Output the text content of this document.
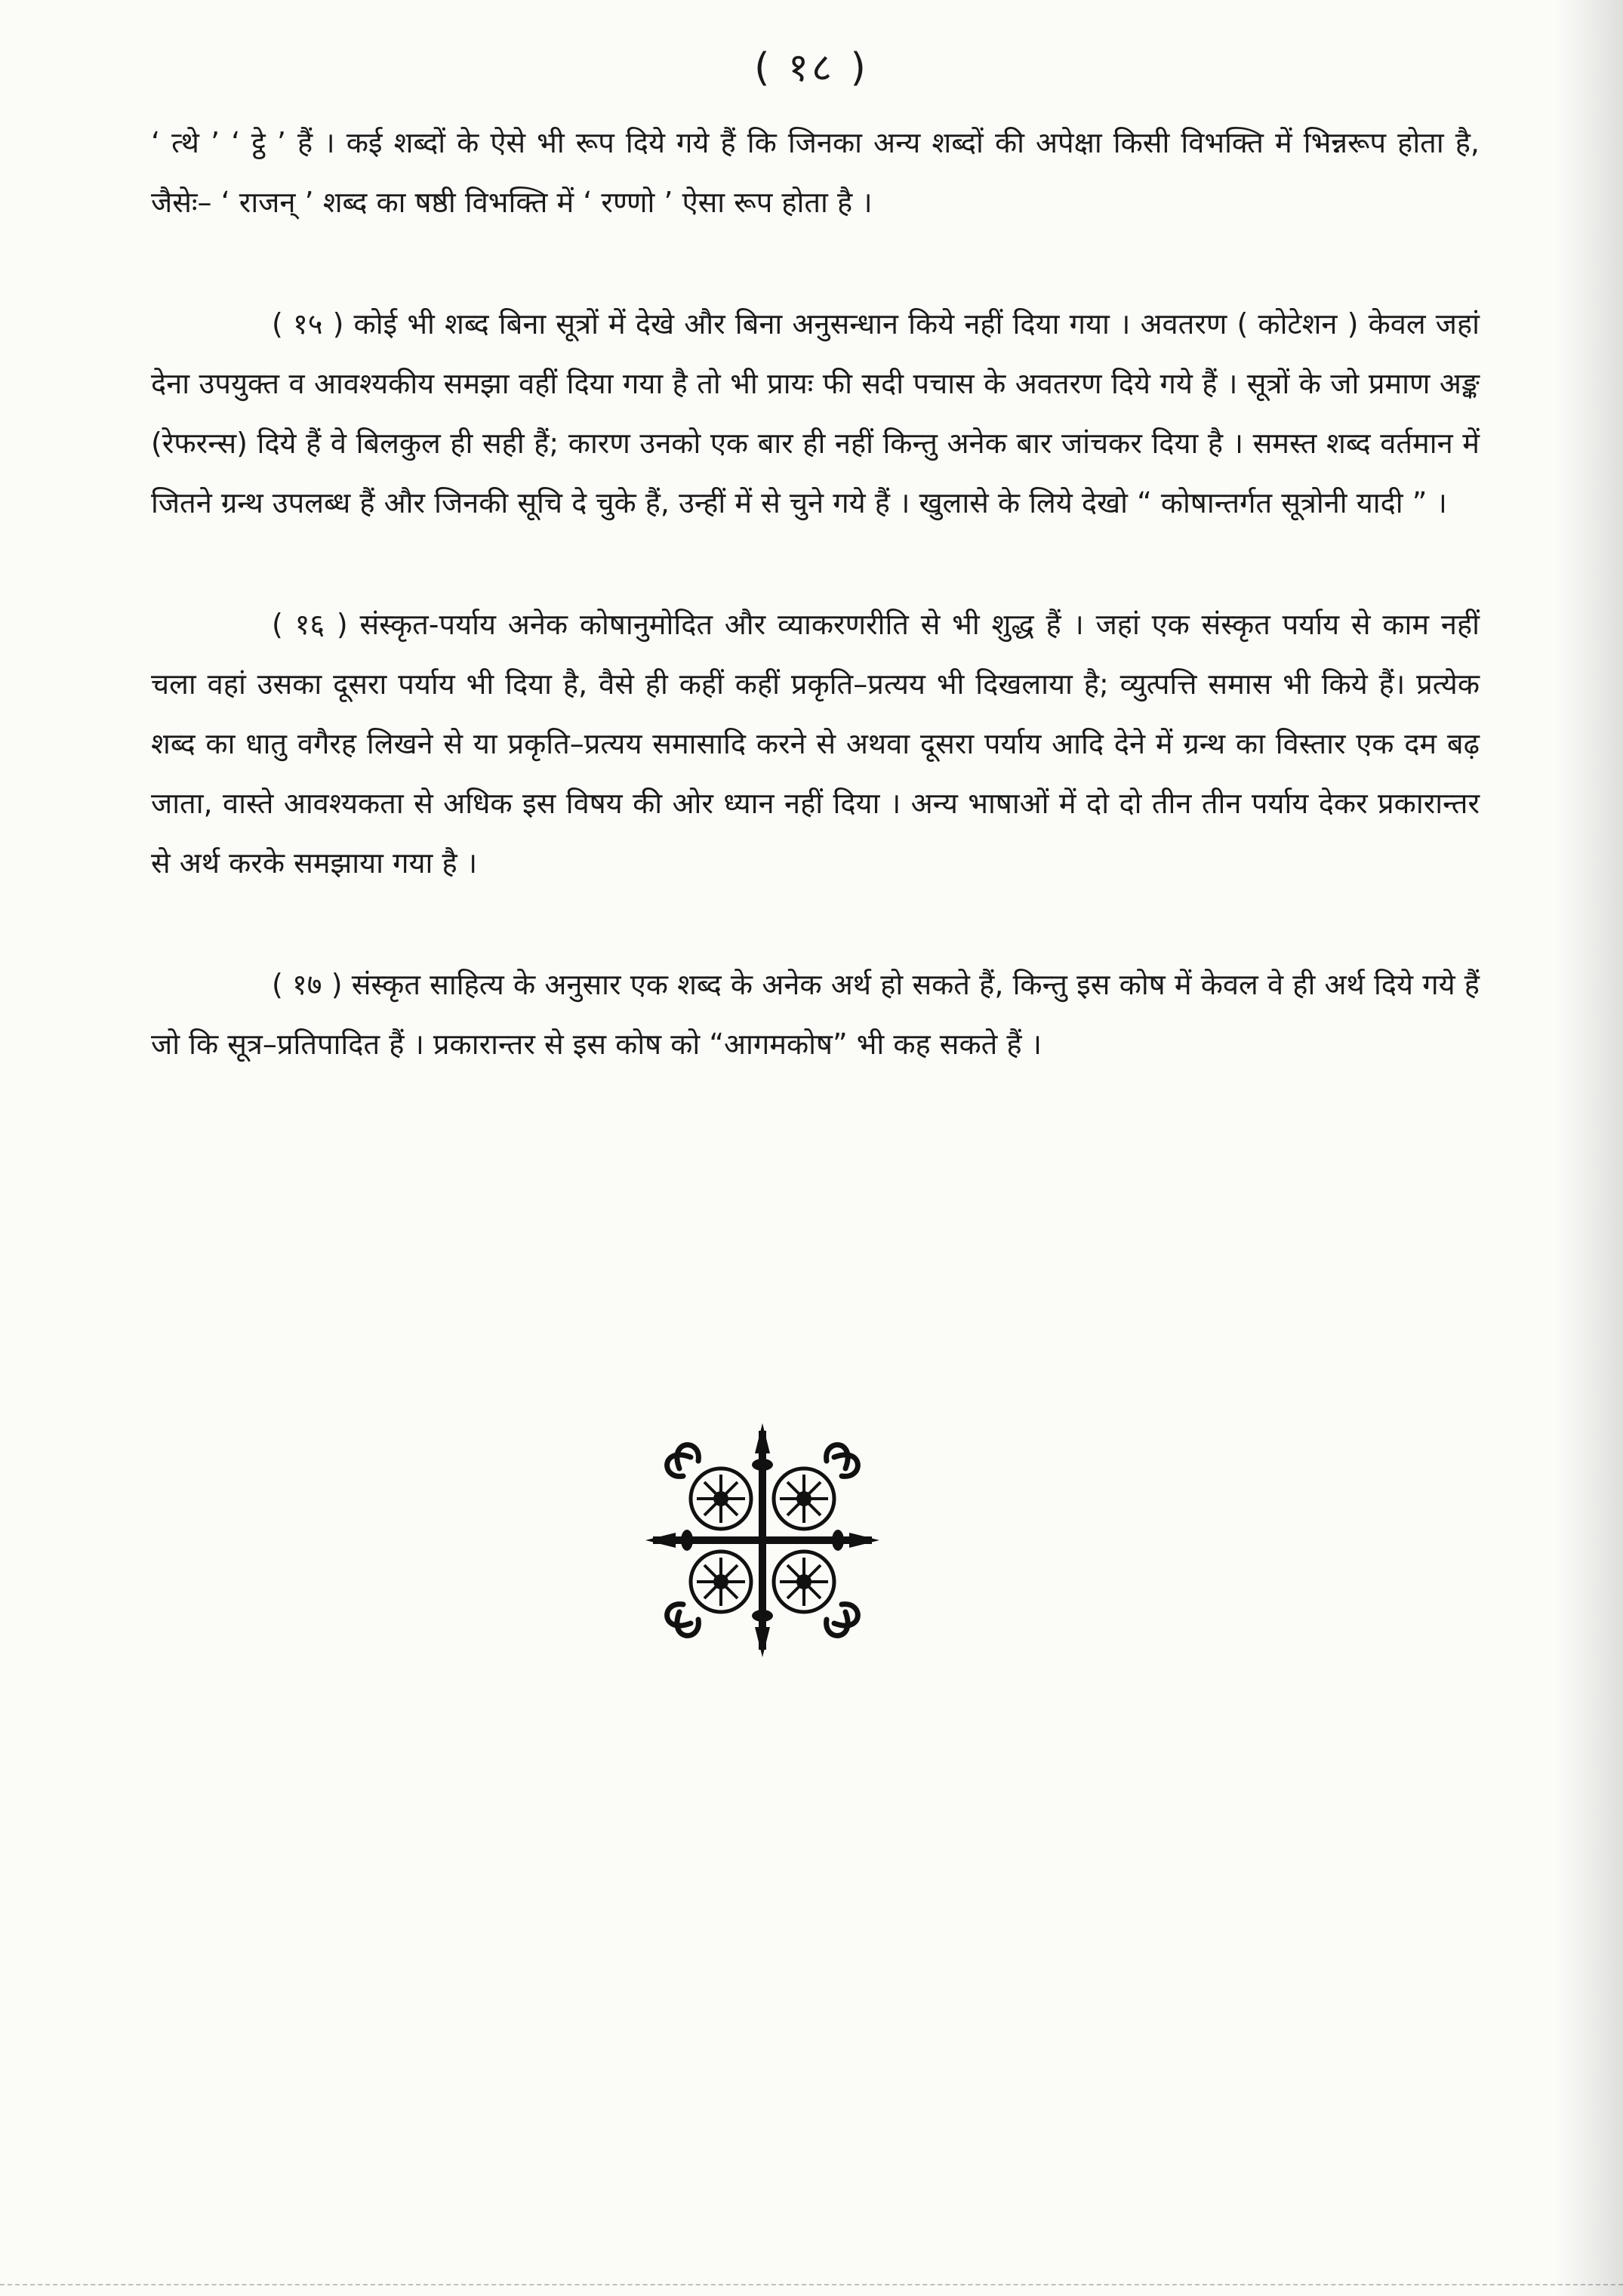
( १८ )

‘ त्थे ’ ‘ ट्ठे ’ हैं । कई शब्दों के ऐसे भी रूप दिये गये हैं कि जिनका अन्य शब्दों की अपेक्षा किसी विभक्ति में भिन्नरूप होता है, जैसेः– ‘ राजन् ’ शब्द का षष्ठी विभक्ति में ‘ रण्णो ’ ऐसा रूप होता है ।

( १५ ) कोई भी शब्द बिना सूत्रों में देखे और बिना अनुसन्धान किये नहीं दिया गया । अवतरण ( कोटेशन ) केवल जहां देना उपयुक्त व आवश्यकीय समझा वहीं दिया गया है तो भी प्रायः फी सदी पचास के अवतरण दिये गये हैं । सूत्रों के जो प्रमाण अङ्क (रेफरन्स) दिये हैं वे बिलकुल ही सही हैं; कारण उनको एक बार ही नहीं किन्तु अनेक बार जांचकर दिया है । समस्त शब्द वर्तमान में जितने ग्रन्थ उपलब्ध हैं और जिनकी सूचि दे चुके हैं, उन्हीं में से चुने गये हैं । खुलासे के लिये देखो “ कोषान्तर्गत सूत्रोनी यादी ” ।

( १६ ) संस्कृत-पर्याय अनेक कोषानुमोदित और व्याकरणरीति से भी शुद्ध हैं । जहां एक संस्कृत पर्याय से काम नहीं चला वहां उसका दूसरा पर्याय भी दिया है, वैसे ही कहीं कहीं प्रकृति–प्रत्यय भी दिखलाया है; व्युत्पत्ति समास भी किये हैं। प्रत्येक शब्द का धातु वगैरह लिखने से या प्रकृति–प्रत्यय समासादि करने से अथवा दूसरा पर्याय आदि देने में ग्रन्थ का विस्तार एक दम बढ़ जाता, वास्ते आवश्यकता से अधिक इस विषय की ओर ध्यान नहीं दिया । अन्य भाषाओं में दो दो तीन तीन पर्याय देकर प्रकारान्तर से अर्थ करके समझाया गया है ।

( १७ ) संस्कृत साहित्य के अनुसार एक शब्द के अनेक अर्थ हो सकते हैं, किन्तु इस कोष में केवल वे ही अर्थ दिये गये हैं जो कि सूत्र–प्रतिपादित हैं । प्रकारान्तर से इस कोष को “आगमकोष” भी कह सकते हैं ।
